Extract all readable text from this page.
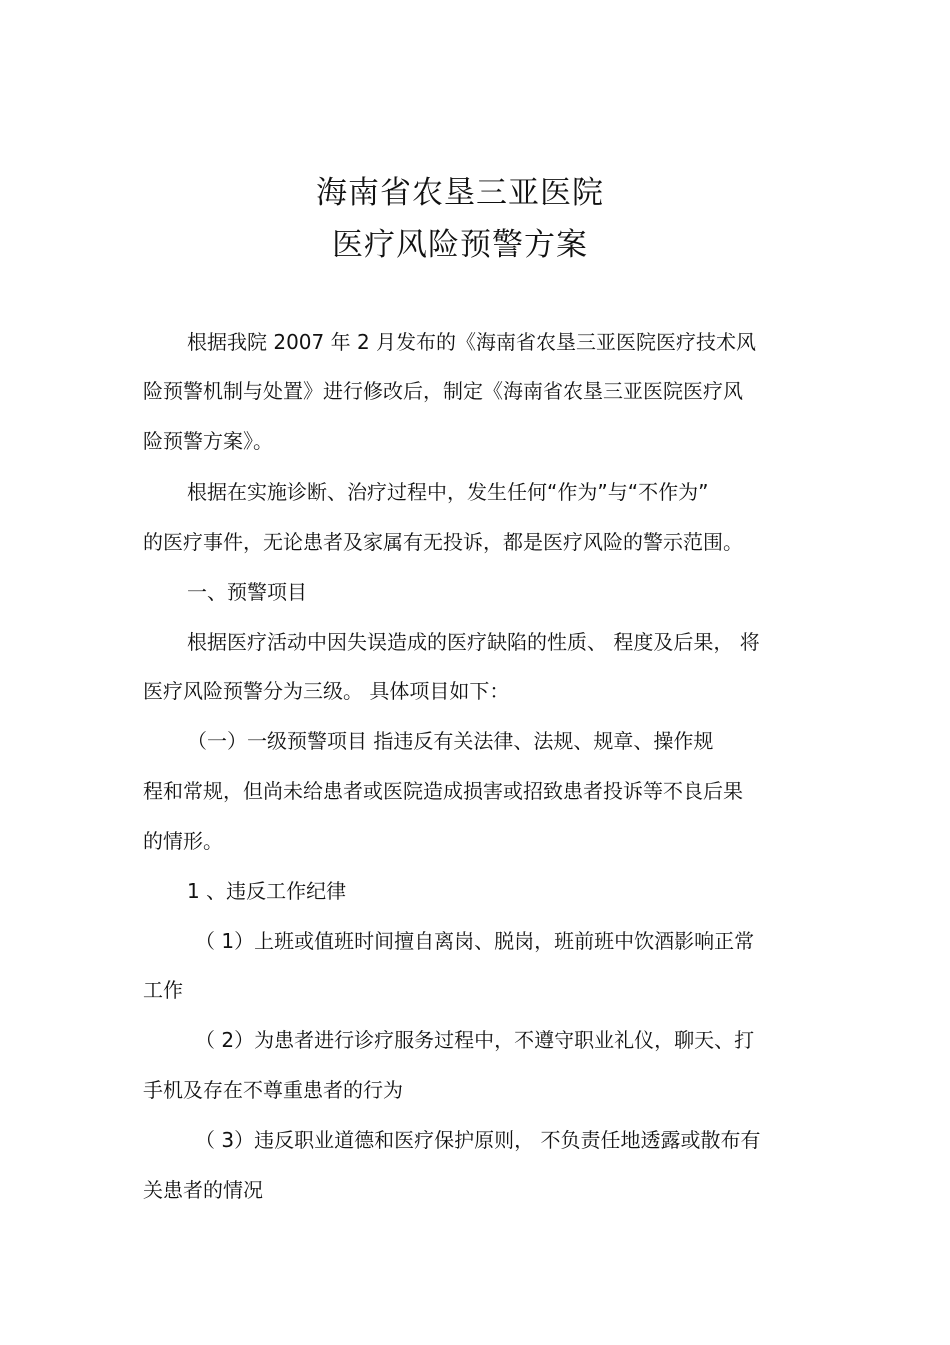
海南省农垦三亚医院
医疗风险预警方案
根据我院 2007 年 2 月发布的《海南省农垦三亚医院医疗技术风
险预警机制与处置》进行修改后，制定《海南省农垦三亚医院医疗风
险预警方案》。
根据在实施诊断、治疗过程中，发生任何“作为”与“不作为”
的医疗事件，无论患者及家属有无投诉，都是医疗风险的警示范围。
一、预警项目
根据医疗活动中因失误造成的医疗缺陷的性质、 程度及后果， 将
医疗风险预警分为三级。 具体项目如下：
（一）一级预警项目 指违反有关法律、法规、规章、操作规
程和常规，但尚未给患者或医院造成损害或招致患者投诉等不良后果
的情形。
1 、违反工作纪律
（ 1）上班或值班时间擅自离岗、脱岗，班前班中饮酒影响正常
工作
（ 2）为患者进行诊疗服务过程中，不遵守职业礼仪，聊天、打
手机及存在不尊重患者的行为
（ 3）违反职业道德和医疗保护原则， 不负责任地透露或散布有
关患者的情况
